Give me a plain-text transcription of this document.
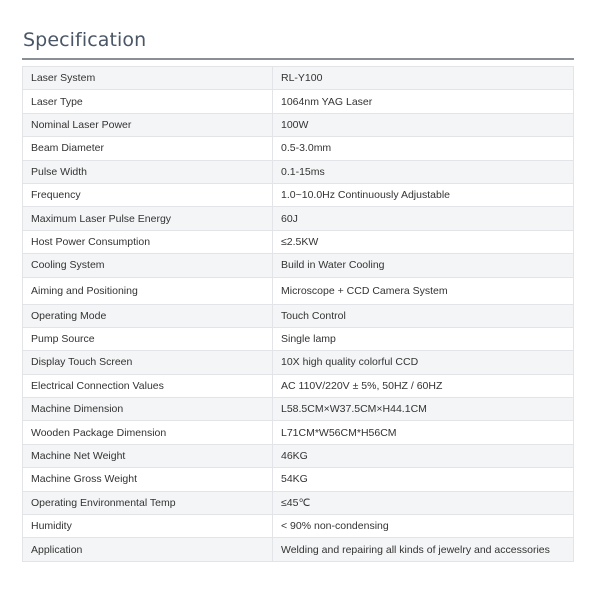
Specification
Laser System	RL-Y100
Laser Type	1064nm YAG Laser
Nominal Laser Power	100W
Beam Diameter	0.5-3.0mm
Pulse Width	0.1-15ms
Frequency	1.0~10.0Hz Continuously Adjustable
Maximum Laser Pulse Energy	60J
Host Power Consumption	≤2.5KW
Cooling System	Build in Water Cooling
Aiming and Positioning	Microscope + CCD Camera System
Operating Mode	Touch Control
Pump Source	Single lamp
Display Touch Screen	10X high quality colorful CCD
Electrical Connection Values	AC 110V/220V ± 5%, 50HZ / 60HZ
Machine Dimension	L58.5CM×W37.5CM×H44.1CM
Wooden Package Dimension	L71CM*W56CM*H56CM
Machine Net Weight	46KG
Machine Gross Weight	54KG
Operating Environmental Temp	≤45℃
Humidity	< 90% non-condensing
Application	Welding and repairing all kinds of jewelry and accessories
